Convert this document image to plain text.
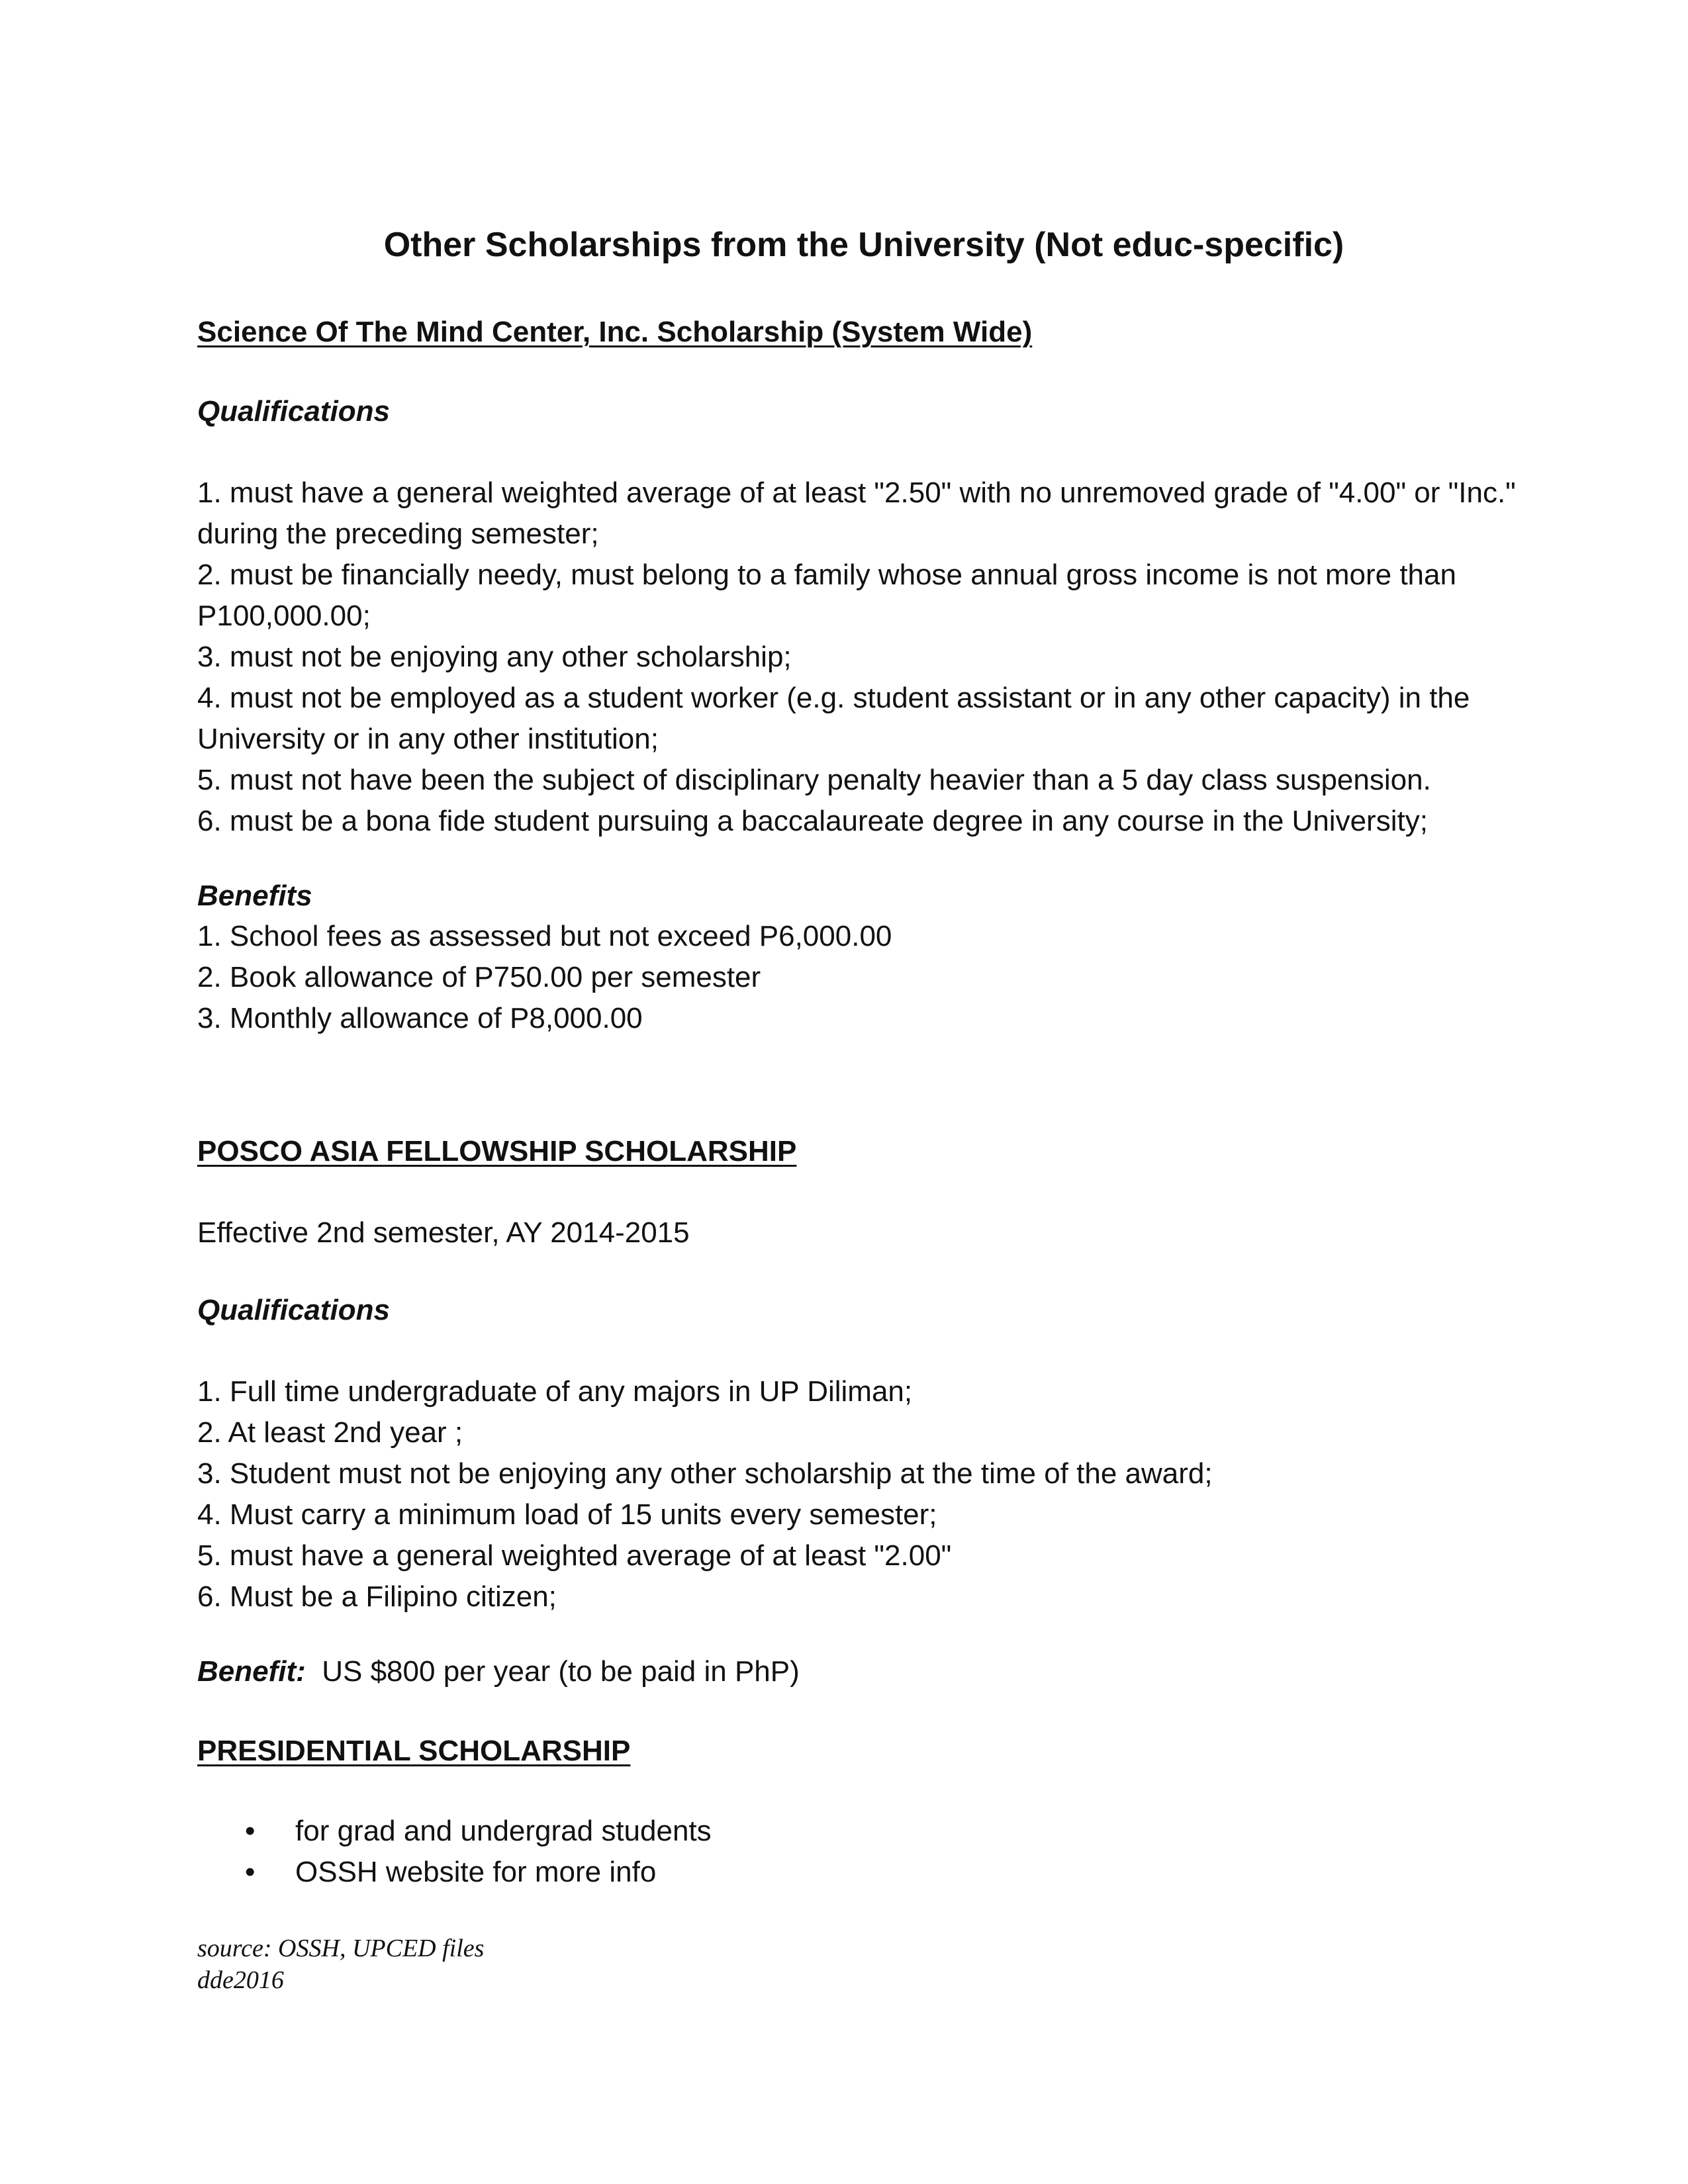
Other Scholarships from the University (Not educ-specific)
Science Of The Mind Center, Inc. Scholarship (System Wide)
Qualifications
1. must have a general weighted average of at least "2.50" with no unremoved grade of "4.00" or "Inc." during the preceding semester;
2. must be financially needy, must belong to a family whose annual gross income is not more than P100,000.00;
3. must not be enjoying any other scholarship;
4. must not be employed as a student worker (e.g. student assistant or in any other capacity) in the University or in any other institution;
5. must not have been the subject of disciplinary penalty heavier than a 5 day class suspension.
6. must be a bona fide student pursuing a baccalaureate degree in any course in the University;
Benefits
1. School fees as assessed but not exceed P6,000.00
2. Book allowance of P750.00 per semester
3. Monthly allowance of P8,000.00
POSCO ASIA FELLOWSHIP SCHOLARSHIP
Effective 2nd semester, AY 2014-2015
Qualifications
1. Full time undergraduate of any majors in UP Diliman;
2. At least 2nd year ;
3. Student must not be enjoying any other scholarship at the time of the award;
4. Must carry a minimum load of 15 units every semester;
5. must have a general weighted average of at least "2.00"
6. Must be a Filipino citizen;
Benefit: US $800 per year (to be paid in PhP)
PRESIDENTIAL SCHOLARSHIP
• for grad and undergrad students
• OSSH website for more info
source: OSSH, UPCED files
dde2016
